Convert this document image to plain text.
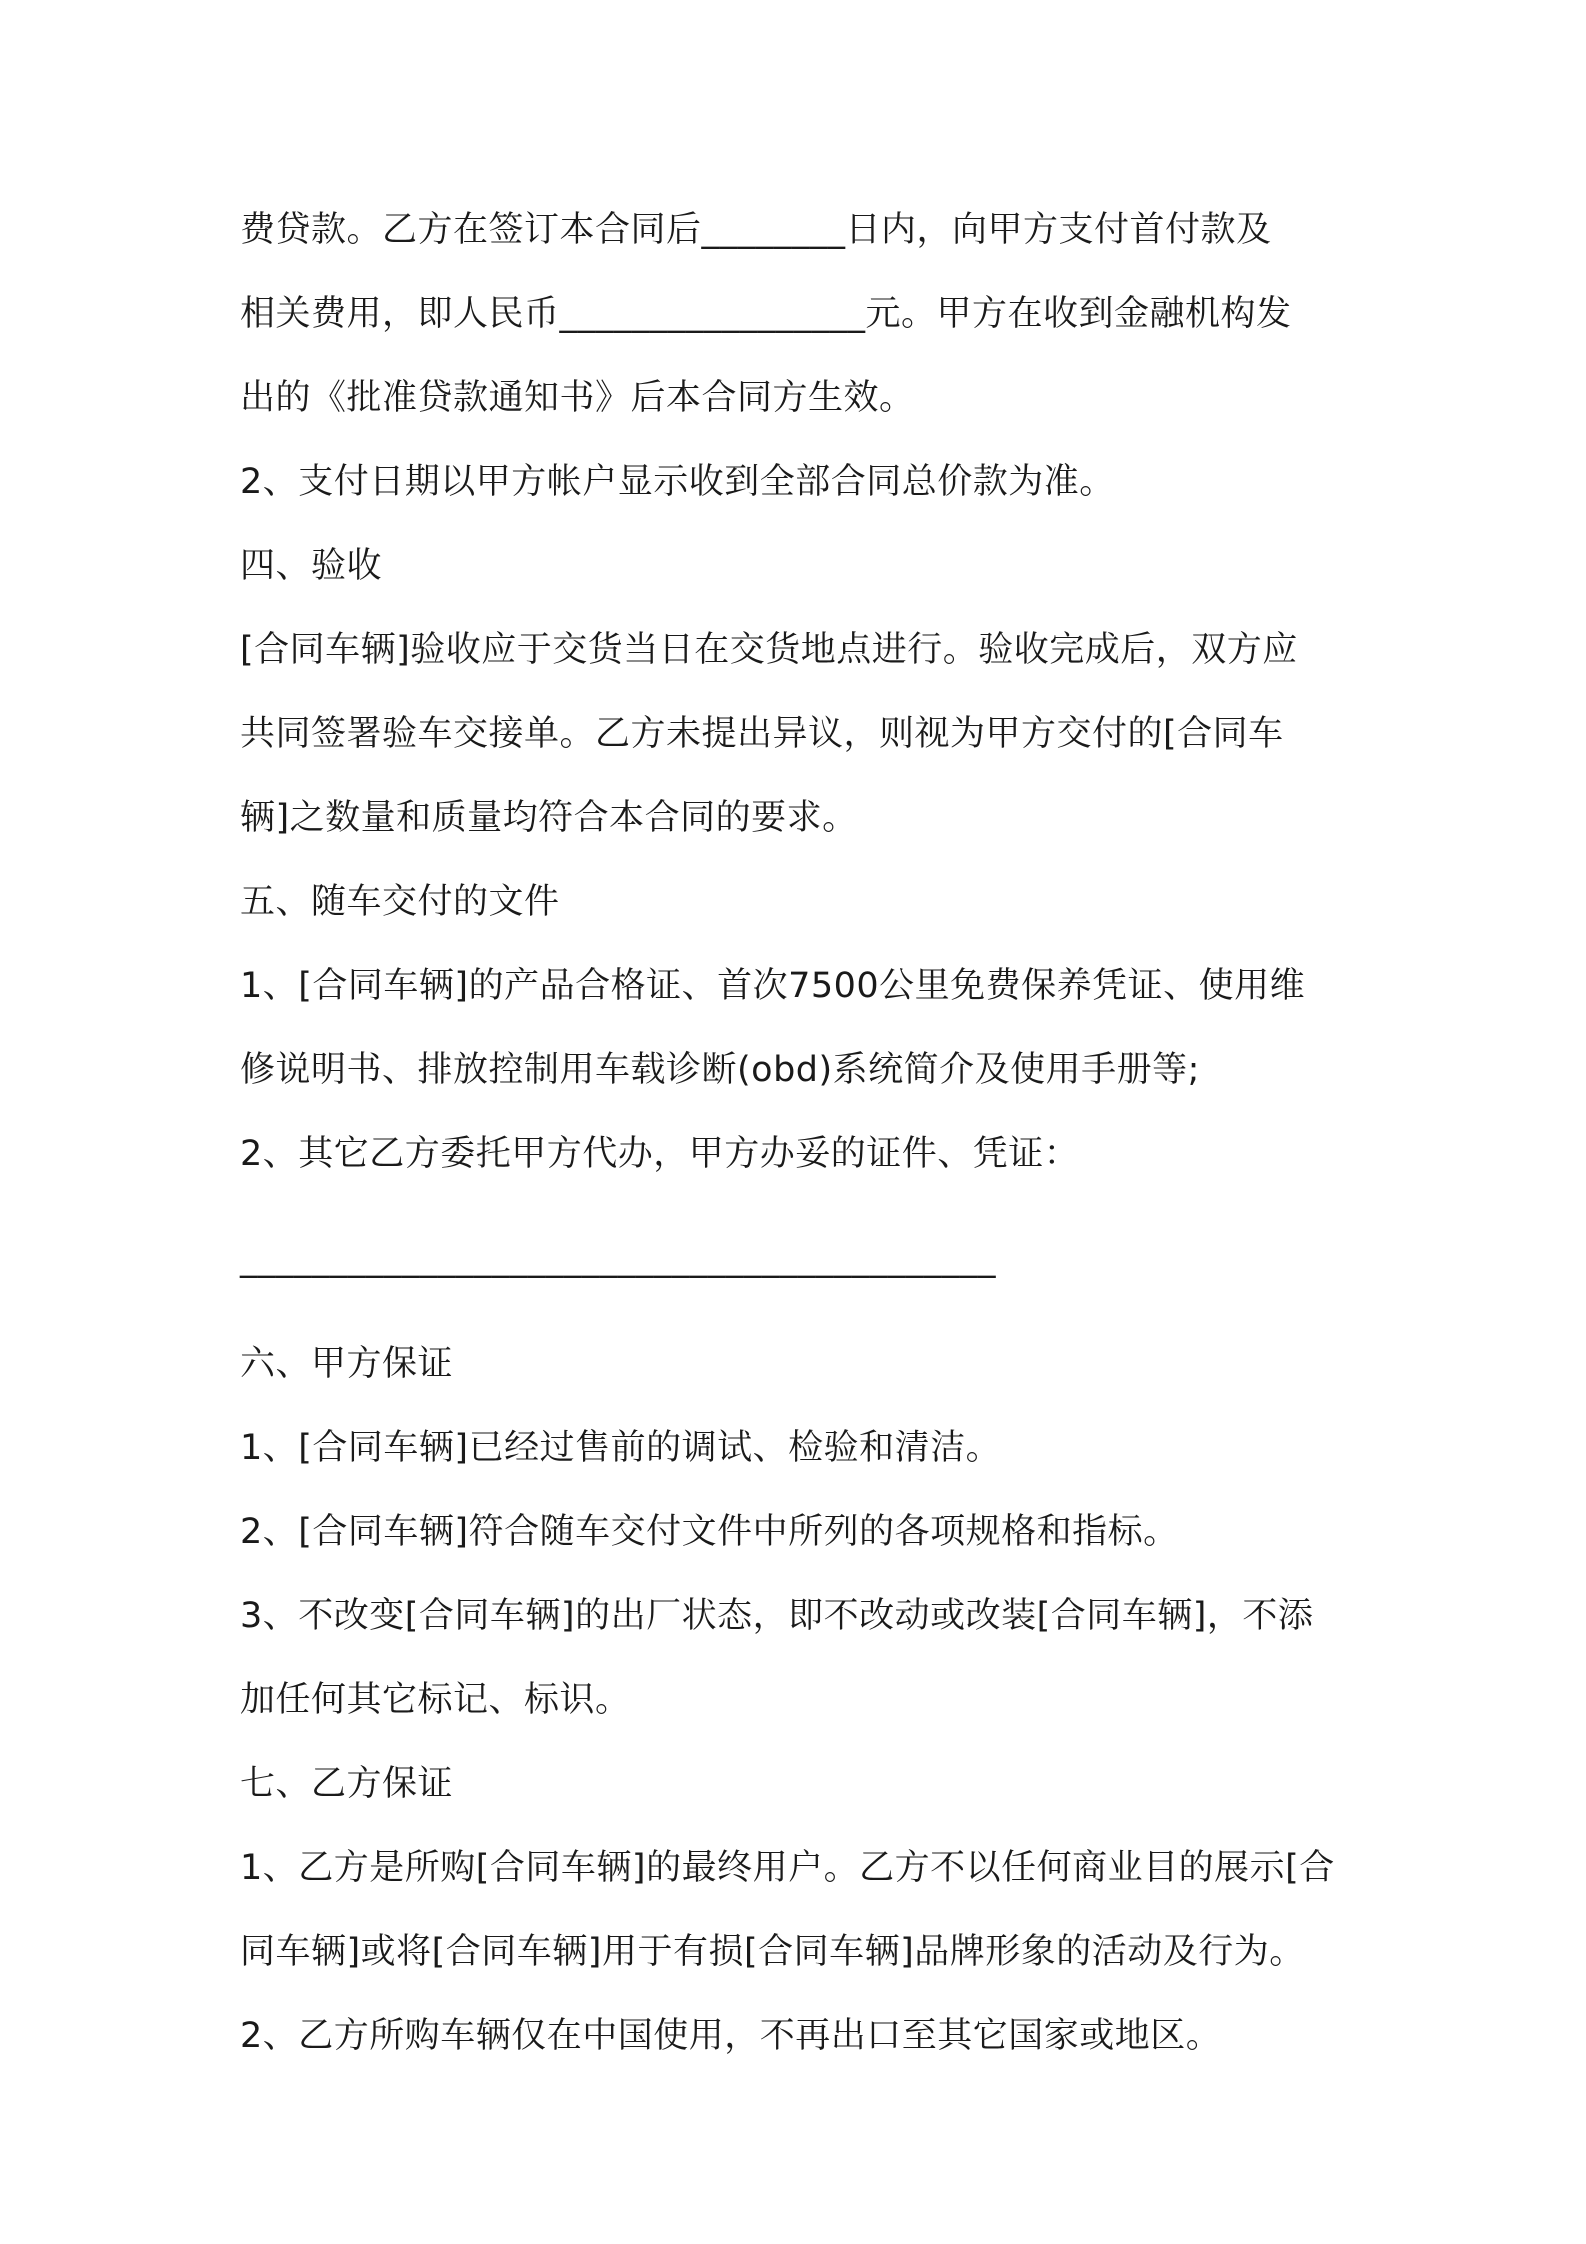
费贷款。乙方在签订本合同后________日内，向甲方支付首付款及
相关费用，即人民币_________________元。甲方在收到金融机构发
出的《批准贷款通知书》后本合同方生效。
2、支付日期以甲方帐户显示收到全部合同总价款为准。
四、验收
[合同车辆]验收应于交货当日在交货地点进行。验收完成后，双方应
共同签署验车交接单。乙方未提出异议，则视为甲方交付的[合同车
辆]之数量和质量均符合本合同的要求。
五、随车交付的文件
1、[合同车辆]的产品合格证、首次7500公里免费保养凭证、使用维
修说明书、排放控制用车载诊断(obd)系统简介及使用手册等;
2、其它乙方委托甲方代办，甲方办妥的证件、凭证：
__________________________________________
六、甲方保证
1、[合同车辆]已经过售前的调试、检验和清洁。
2、[合同车辆]符合随车交付文件中所列的各项规格和指标。
3、不改变[合同车辆]的出厂状态，即不改动或改装[合同车辆]，不添
加任何其它标记、标识。
七、乙方保证
1、乙方是所购[合同车辆]的最终用户。乙方不以任何商业目的展示[合
同车辆]或将[合同车辆]用于有损[合同车辆]品牌形象的活动及行为。
2、乙方所购车辆仅在中国使用，不再出口至其它国家或地区。
